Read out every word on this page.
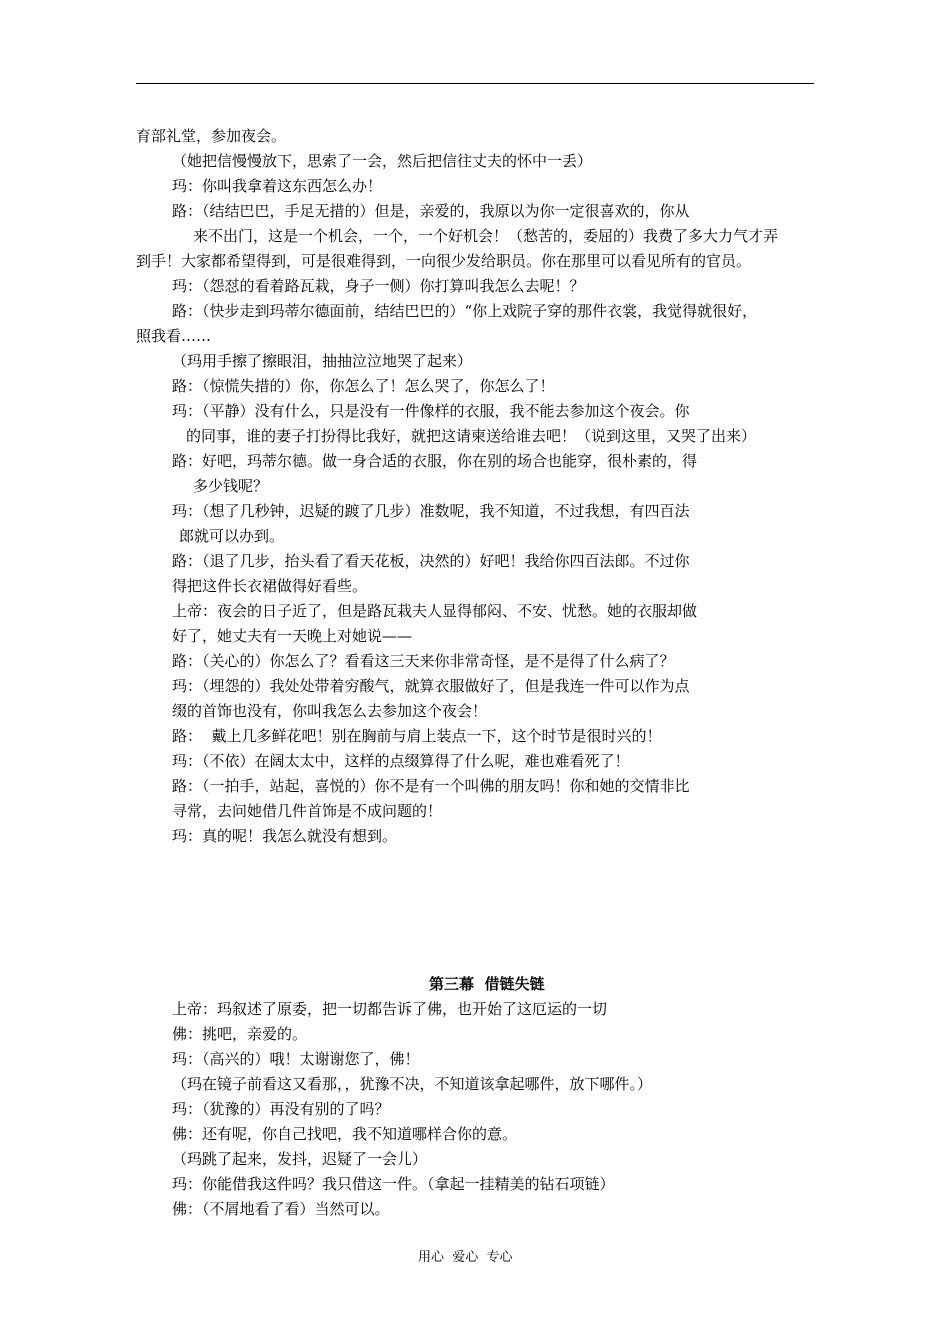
育部礼堂，参加夜会。
（她把信慢慢放下，思索了一会，然后把信往丈夫的怀中一丢）
玛：你叫我拿着这东西怎么办！
路：（结结巴巴，手足无措的）但是，亲爱的，我原以为你一定很喜欢的，你从
来不出门，这是一个机会，一个，一个好机会！（愁苦的，委屈的）我费了多大力气才弄
到手！大家都希望得到，可是很难得到，一向很少发给职员。你在那里可以看见所有的官员。
玛：（怨怼的看着路瓦栽，身子一侧）你打算叫我怎么去呢！？
路：（快步走到玛蒂尔德面前，结结巴巴的）“你上戏院子穿的那件衣裳，我觉得就很好，
照我看……
（玛用手擦了擦眼泪，抽抽泣泣地哭了起来）
路：（惊慌失措的）你，你怎么了！怎么哭了，你怎么了！
玛：（平静）没有什么，只是没有一件像样的衣服，我不能去参加这个夜会。你
的同事，谁的妻子打扮得比我好，就把这请柬送给谁去吧！（说到这里，又哭了出来）
路：好吧，玛蒂尔德。做一身合适的衣服，你在别的场合也能穿，很朴素的，得
多少钱呢？
玛：（想了几秒钟，迟疑的踱了几步）准数呢，我不知道，不过我想，有四百法
郎就可以办到。
路：（退了几步，抬头看了看天花板，决然的）好吧！我给你四百法郎。不过你
得把这件长衣裙做得好看些。
上帝：夜会的日子近了，但是路瓦栽夫人显得郁闷、不安、忧愁。她的衣服却做
好了，她丈夫有一天晚上对她说——
路：（关心的）你怎么了？看看这三天来你非常奇怪，是不是得了什么病了？
玛：（埋怨的）我处处带着穷酸气，就算衣服做好了，但是我连一件可以作为点
缀的首饰也没有，你叫我怎么去参加这个夜会！
路：  戴上几多鲜花吧！别在胸前与肩上装点一下，这个时节是很时兴的！
玛：（不依）在阔太太中，这样的点缀算得了什么呢，难也难看死了！
路：（一拍手，站起，喜悦的）你不是有一个叫佛的朋友吗！你和她的交情非比
寻常，去问她借几件首饰是不成问题的！
玛：真的呢！我怎么就没有想到。
第三幕  借链失链
上帝：玛叙述了原委，把一切都告诉了佛，也开始了这厄运的一切
佛：挑吧，亲爱的。
玛：（高兴的）哦！太谢谢您了，佛！
（玛在镜子前看这又看那，，犹豫不决，不知道该拿起哪件，放下哪件。）
玛：（犹豫的）再没有别的了吗？
佛：还有呢，你自己找吧，我不知道哪样合你的意。
（玛跳了起来，发抖，迟疑了一会儿）
玛：你能借我这件吗？我只借这一件。（拿起一挂精美的钻石项链）
佛：（不屑地看了看）当然可以。
用心  爱心  专心
